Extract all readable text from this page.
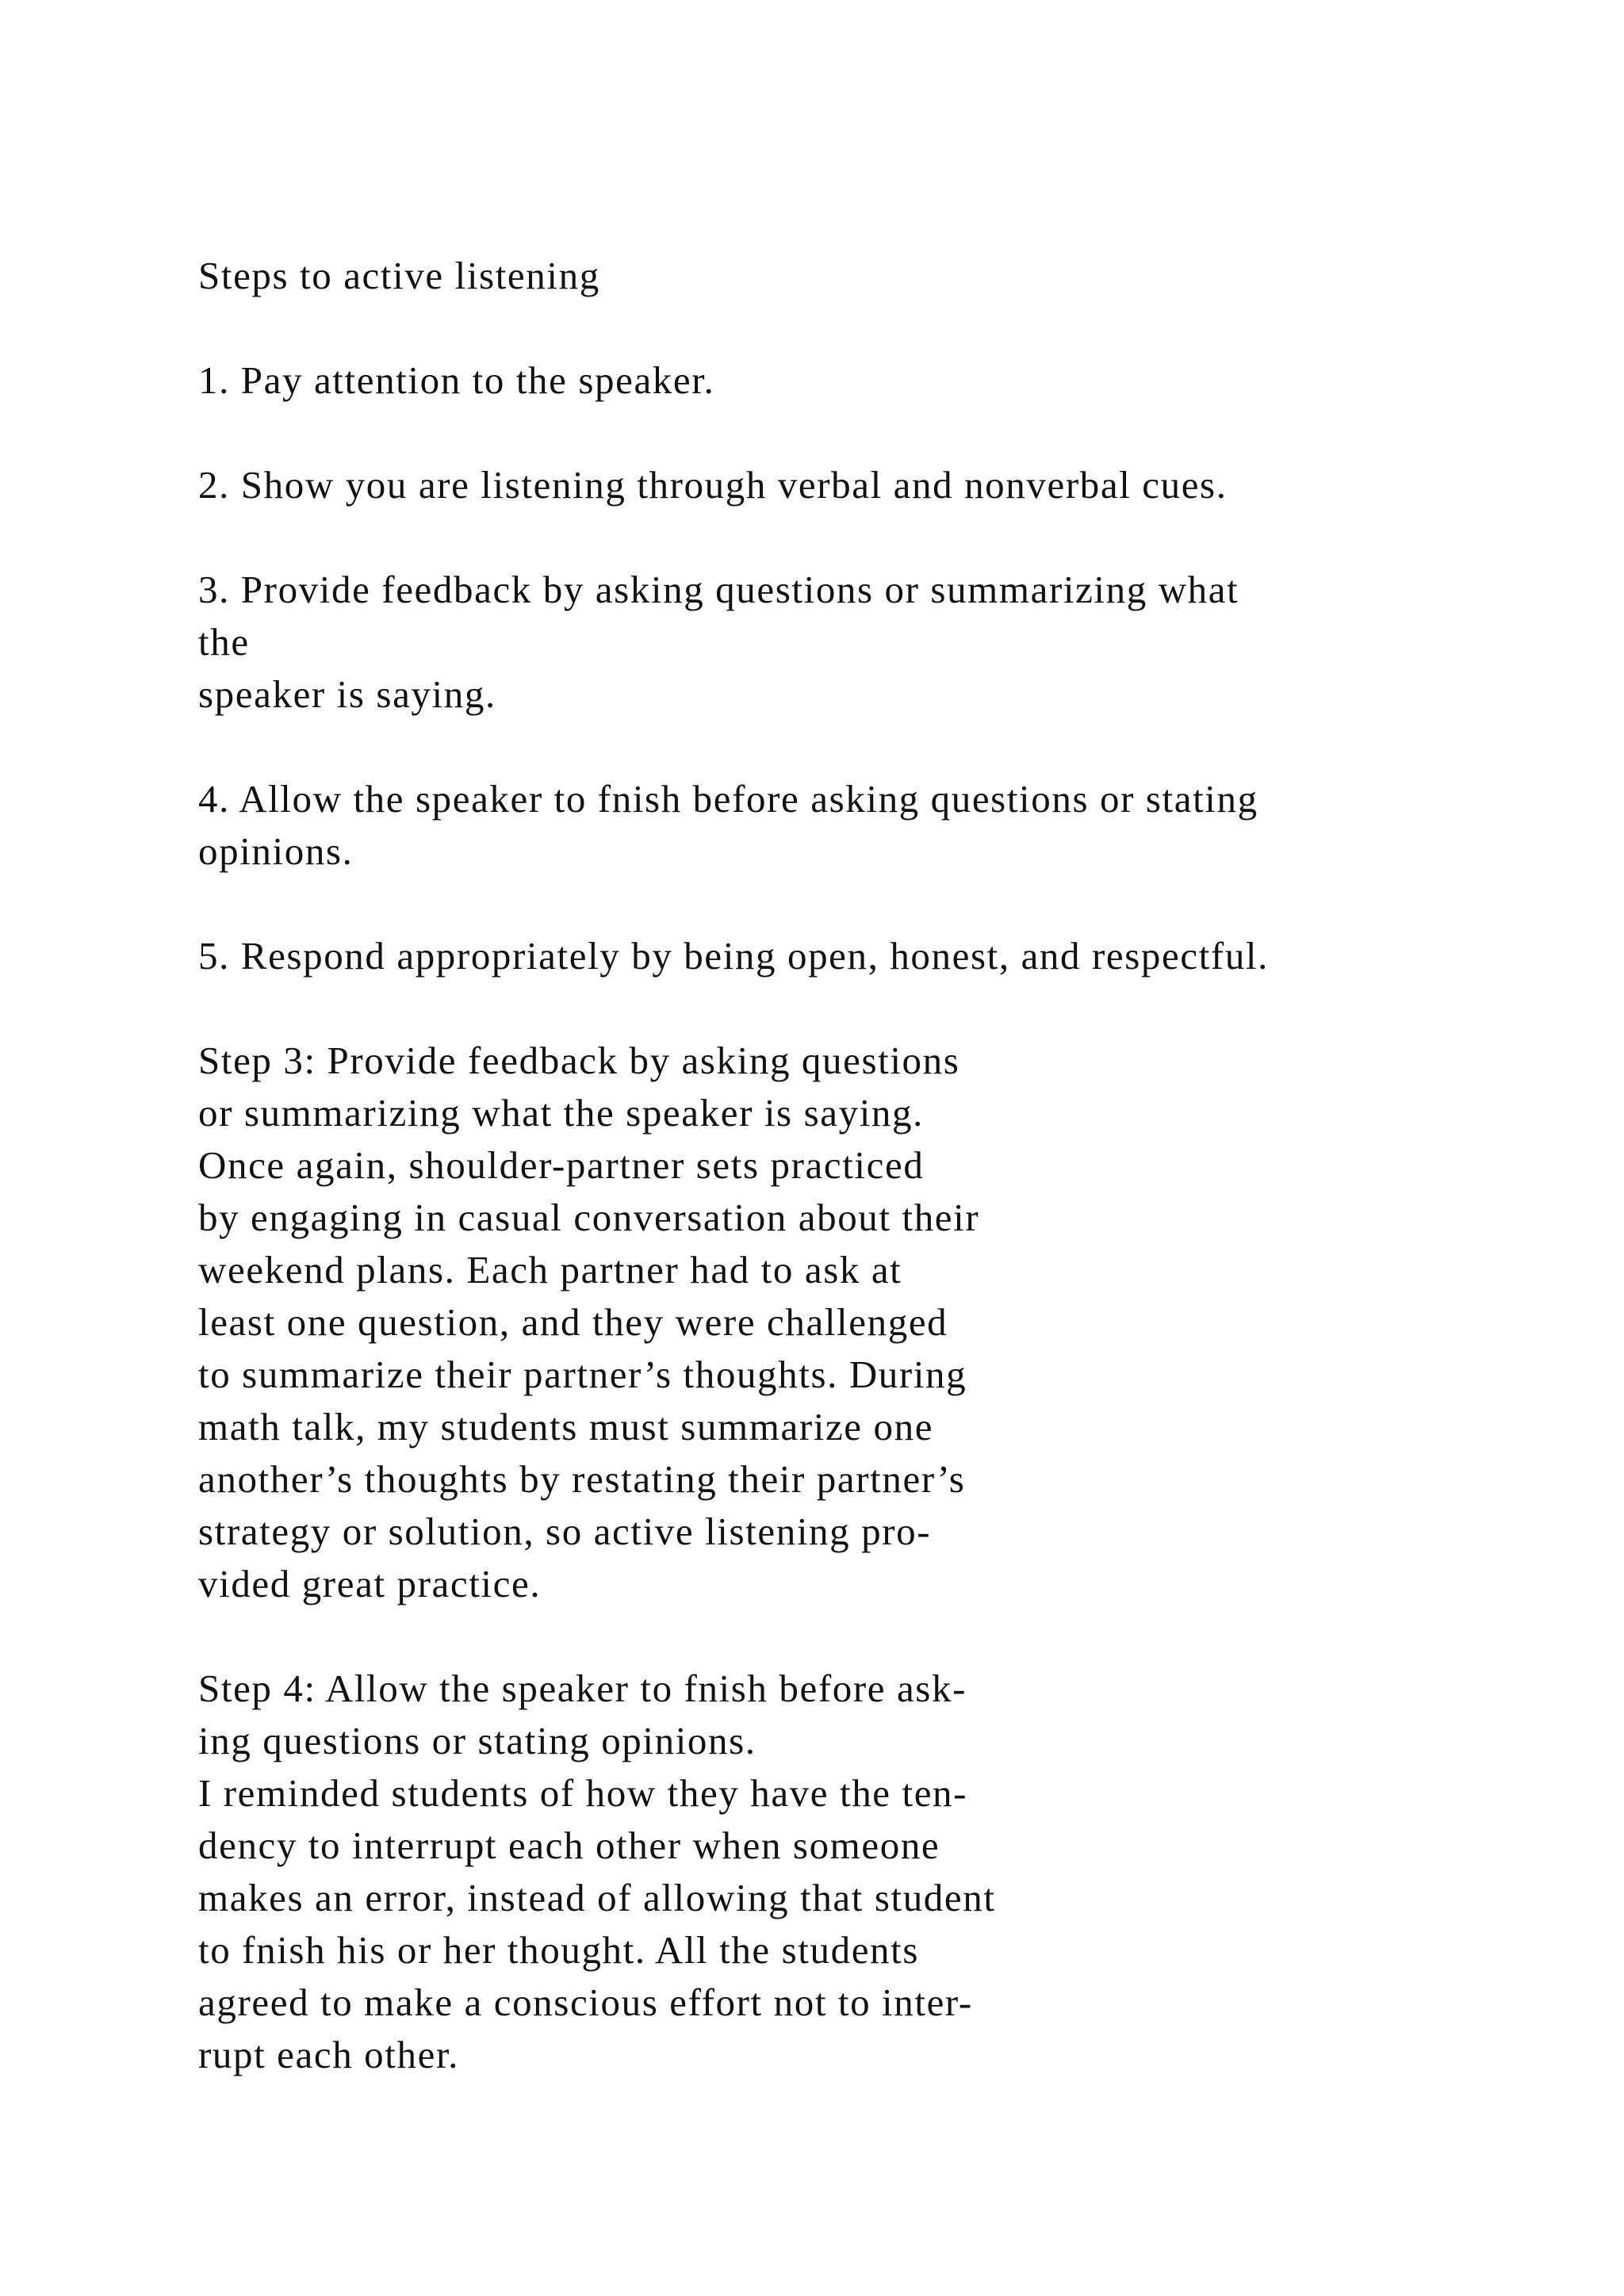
Steps to active listening
1. Pay attention to the speaker.
2. Show you are listening through verbal and nonverbal cues.
3. Provide feedback by asking questions or summarizing what
the
speaker is saying.
4. Allow the speaker to fnish before asking questions or stating
opinions.
5. Respond appropriately by being open, honest, and respectful.
Step 3: Provide feedback by asking questions
or summarizing what the speaker is saying.
Once again, shoulder-partner sets practiced
by engaging in casual conversation about their
weekend plans. Each partner had to ask at
least one question, and they were challenged
to summarize their partner’s thoughts. During
math talk, my students must summarize one
another’s thoughts by restating their partner’s
strategy or solution, so active listening pro-
vided great practice.
Step 4: Allow the speaker to fnish before ask-
ing questions or stating opinions.
I reminded students of how they have the ten-
dency to interrupt each other when someone
makes an error, instead of allowing that student
to fnish his or her thought. All the students
agreed to make a conscious effort not to inter-
rupt each other.
